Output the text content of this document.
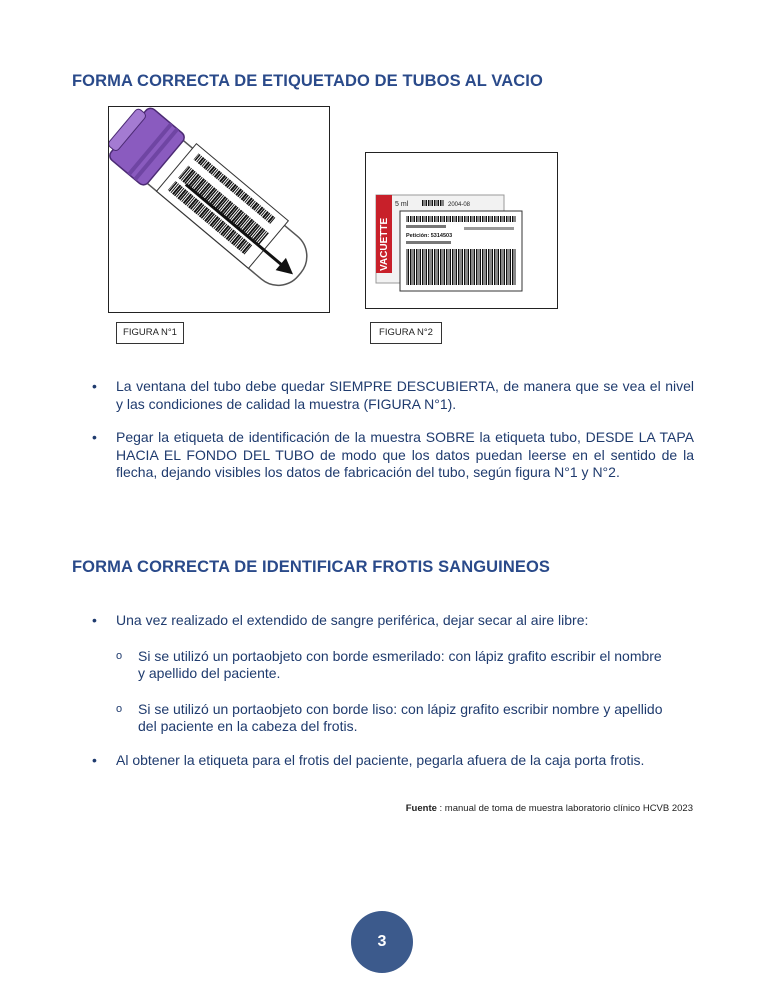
FORMA CORRECTA DE ETIQUETADO DE TUBOS AL VACIO
FIGURA N°1
VACUETTE
5 ml	2004-08
Petición: 5314503
FIGURA N°2
• La ventana del tubo debe quedar SIEMPRE DESCUBIERTA, de manera que se vea el nivel y las condiciones de calidad la muestra (FIGURA N°1).
• Pegar la etiqueta de identificación de la muestra SOBRE la etiqueta tubo, DESDE LA TAPA HACIA EL FONDO DEL TUBO de modo que los datos puedan leerse en el sentido de la flecha, dejando visibles los datos de fabricación del tubo, según figura N°1 y N°2.
FORMA CORRECTA DE IDENTIFICAR FROTIS SANGUINEOS
• Una vez realizado el extendido de sangre periférica, dejar secar al aire libre:
o Si se utilizó un portaobjeto con borde esmerilado: con lápiz grafito escribir el nombre y apellido del paciente.
o Si se utilizó un portaobjeto con borde liso: con lápiz grafito escribir nombre y apellido del paciente en la cabeza del frotis.
• Al obtener la etiqueta para el frotis del paciente, pegarla afuera de la caja porta frotis.
Fuente : manual de toma de muestra laboratorio clínico HCVB 2023
3
